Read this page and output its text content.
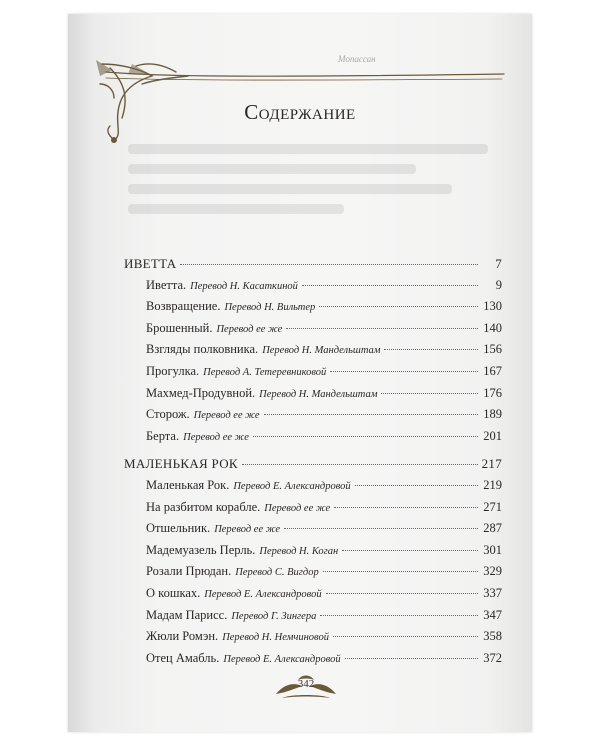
Мопассан
Содержание
ИВЕТТА	7
Иветта. Перевод Н. Касаткиной	9
Возвращение. Перевод Н. Вильтер	130
Брошенный. Перевод ее же	140
Взгляды полковника. Перевод Н. Мандельштам	156
Прогулка. Перевод А. Тетеревниковой	167
Махмед-Продувной. Перевод Н. Мандельштам	176
Сторож. Перевод ее же	189
Берта. Перевод ее же	201
МАЛЕНЬКАЯ РОК	217
Маленькая Рок. Перевод Е. Александровой	219
На разбитом корабле. Перевод ее же	271
Отшельник. Перевод ее же	287
Мадемуазель Перль. Перевод Н. Коган	301
Розали Прюдан. Перевод С. Вигдор	329
О кошках. Перевод Е. Александровой	337
Мадам Парисс. Перевод Г. Зингера	347
Жюли Ромэн. Перевод Н. Немчиновой	358
Отец Амабль. Перевод Е. Александровой	372
342
